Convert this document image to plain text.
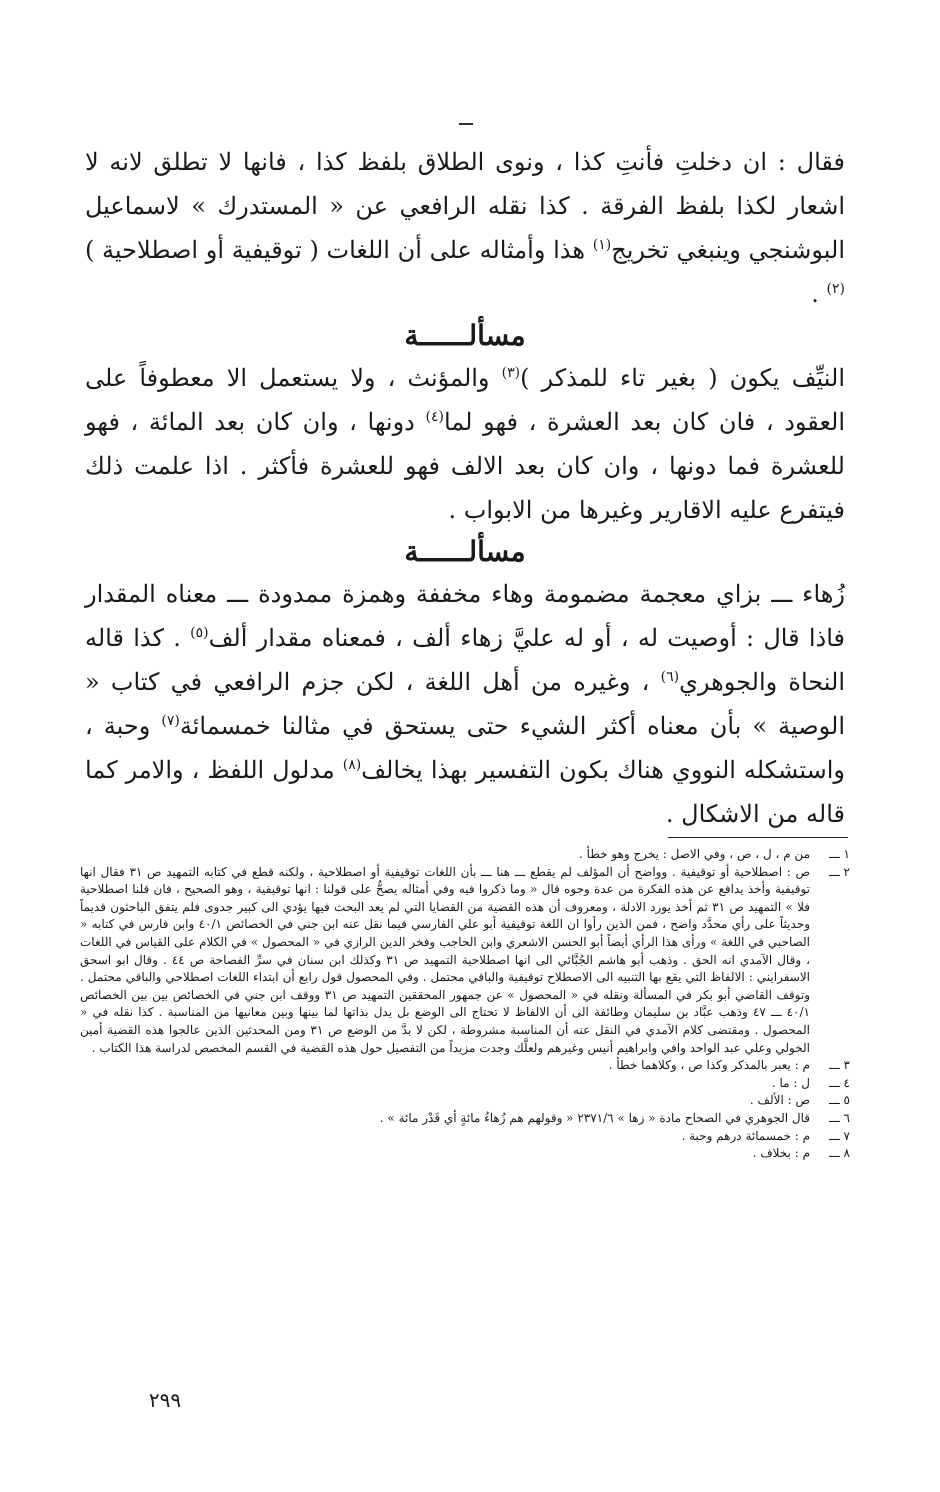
فقال : ان دخلتِ فأنتِ كذا ، ونوى الطلاق بلفظ كذا ، فانها لا تطلق لانه لا اشعار لكذا بلفظ الفرقة . كذا نقله الرافعي عن « المستدرك » لاسماعيل البوشنجي وينبغي تخريج$^{(١)}$ هذا وأمثاله على أن اللغات ( توقيفية أو اصطلاحية )$^{(٢)}$ .

مسألــــــة

النيِّف يكون ( بغير تاء للمذكر )$^{(٣)}$ والمؤنث ، ولا يستعمل الا معطوفاً على العقود ، فان كان بعد العشرة ، فهو لما$^{(٤)}$ دونها ، وان كان بعد المائة ، فهو للعشرة فما دونها ، وان كان بعد الالف فهو للعشرة فأكثر . اذا علمت ذلك فيتفرع عليه الاقارير وغيرها من الابواب .

مسألــــــة

زُهاء ـــ بزاي معجمة مضمومة وهاء مخففة وهمزة ممدودة ـــ معناه المقدار فاذا قال : أوصيت له ، أو له عليَّ زهاء ألف ، فمعناه مقدار ألف$^{(٥)}$ . كذا قاله النحاة والجوهري$^{(٦)}$ ، وغيره من أهل اللغة ، لكن جزم الرافعي في كتاب « الوصية » بأن معناه أكثر الشيء حتى يستحق في مثالنا خمسمائة$^{(٧)}$ وحبة ، واستشكله النووي هناك بكون التفسير بهذا يخالف$^{(٨)}$ مدلول اللفظ ، والامر كما قاله من الاشكال .

١ ـــ
من م ، ل ، ص ، وفي الاصل : يخرج وهو خطأ .
٢ ـــ
ص : اصطلاحية أو توقيفية . وواضح أن المؤلف لم يقطع ـــ هنا ـــ بأن اللغات توقيفية أو اصطلاحية ، ولكنه قطع في كتابه التمهيد ص ٣١ فقال انها توقيفية وأخذ يدافع عن هذه الفكرة من عدة وجوه قال « وما ذكروا فيه وفي أمثاله يصحُّ على قولنا : انها توقيفية ، وهو الصحيح ، فان قلنا اصطلاحية فلا » التمهيد ص ٣١ ثم أخذ يورد الادلة ، ومعروف أن هذه القضية من القضايا التي لم يعد البحث فيها يؤدي الى كبير جدوى فلم يتفق الباحثون قديماً وحديثاً على رأي محدَّد واضح ، فمن الذين رأوا ان اللغة توقيفية أبو علي الفارسي فيما نقل عنه ابن جني في الخصائص ٤٠/١ وابن فارس في كتابه « الصاحبي في اللغة » ورأى هذا الرأي أيضاً أبو الحسن الاشعري وابن الحاجب وفخر الدين الرازي في « المحصول » في الكلام على القياس في اللغات ، وقال الآمدي انه الحق . وذهب أبو هاشم الجُبَّائي الى انها اصطلاحية التمهيد ص ٣١ وكذلك ابن سنان في سرِّ الفصاحة ص ٤٤ . وقال ابو اسحق الاسفرايني : الالفاظ التي يقع بها التنبيه الى الاصطلاح توقيفية والباقي محتمل . وفي المحصول قول رابع أن ابتداء اللغات اصطلاحي والباقي محتمل . وتوقف القاضي أبو بكر في المسألة ونقله في « المحصول » عن جمهور المحققين التمهيد ص ٣١ ووقف ابن جني في الخصائص بين بين الخصائص ٤٠/١ ـــ ٤٧ وذهب عبَّاد بن سليمان وطائفة الى أن الالفاظ لا تحتاج الى الوضع بل يدل بذاتها لما بينها وبين معانيها من المناسبة . كذا نقله في « المحصول . ومقتضى كلام الآمدي في النقل عنه أن المناسبة مشروطة ، لكن لا بدَّ من الوضع ص ٣١ ومن المحدثين الذين عالجوا هذه القضية أمين الخولي وعلي عبد الواحد وافي وابراهيم أنيس وغيرهم ولعلَّك وجدت مزيداً من التفصيل حول هذه القضية في القسم المخصص لدراسة هذا الكتاب .
٣ ـــ
م : يعبر بالمذكر وكذا ص ، وكلاهما خطأ .
٤ ـــ
ل : ما .
٥ ـــ
ص : الألف .
٦ ـــ
قال الجوهري في الصحاح مادة « زها » ٢٣٧١/٦ « وقولهم هم زُهاءُ مائةٍ أي قَدْر مائة » .
٧ ـــ
م : خمسمائة درهم وحبة .
٨ ـــ
م : بخلاف .
٢٩٩
